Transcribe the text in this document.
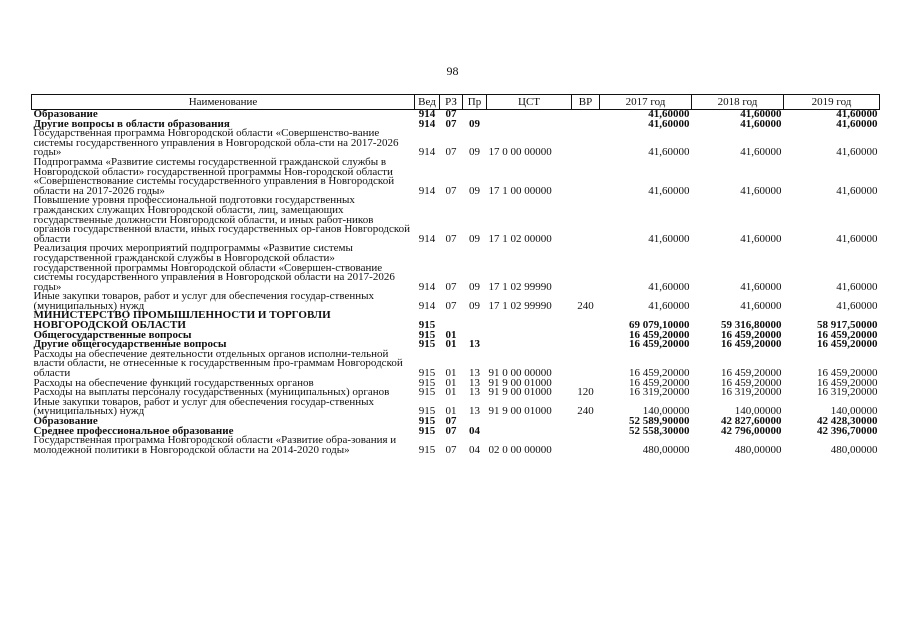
98
Наименование	Вед	РЗ	Пр	ЦСТ	ВР	2017 год	2018 год	2019 год
Образование	914	07				41,60000	41,60000	41,60000
Другие вопросы в области образования	914	07	09			41,60000	41,60000	41,60000
Государственная программа Новгородской области «Совершенство-вание системы государственного управления в Новгородской обла-сти на 2017-2026 годы»	914	07	09	17 0 00 00000		41,60000	41,60000	41,60000
Подпрограмма «Развитие системы государственной гражданской службы в Новгородской области» государственной программы Нов-городской области «Совершенствование системы государственного управления в Новгородской области на 2017-2026 годы»	914	07	09	17 1 00 00000		41,60000	41,60000	41,60000
Повышение уровня профессиональной подготовки государственных гражданских служащих Новгородской области, лиц, замещающих государственные должности Новгородской области, и иных работ-ников органов государственной власти, иных государственных ор-ганов Новгородской области	914	07	09	17 1 02 00000		41,60000	41,60000	41,60000
Реализация прочих мероприятий подпрограммы «Развитие системы государственной гражданской службы в Новгородской области» государственной программы Новгородской области «Совершен-ствование системы государственного управления в Новгородской области на 2017-2026 годы»	914	07	09	17 1 02 99990		41,60000	41,60000	41,60000
Иные закупки товаров, работ и услуг для обеспечения государ-ственных (муниципальных) нужд	914	07	09	17 1 02 99990	240	41,60000	41,60000	41,60000
МИНИСТЕРСТВО ПРОМЫШЛЕННОСТИ И ТОРГОВЛИ НОВГОРОДСКОЙ ОБЛАСТИ	915					69 079,10000	59 316,80000	58 917,50000
Общегосударственные вопросы	915	01				16 459,20000	16 459,20000	16 459,20000
Другие общегосударственные вопросы	915	01	13			16 459,20000	16 459,20000	16 459,20000
Расходы на обеспечение деятельности отдельных органов исполни-тельной власти области, не отнесенные к государственным про-граммам Новгородской области	915	01	13	91 0 00 00000		16 459,20000	16 459,20000	16 459,20000
Расходы на обеспечение функций государственных органов	915	01	13	91 9 00 01000		16 459,20000	16 459,20000	16 459,20000
Расходы на выплаты персоналу государственных (муниципальных) органов	915	01	13	91 9 00 01000	120	16 319,20000	16 319,20000	16 319,20000
Иные закупки товаров, работ и услуг для обеспечения государ-ственных (муниципальных) нужд	915	01	13	91 9 00 01000	240	140,00000	140,00000	140,00000
Образование	915	07				52 589,90000	42 827,60000	42 428,30000
Среднее профессиональное образование	915	07	04			52 558,30000	42 796,00000	42 396,70000
Государственная программа Новгородской области «Развитие обра-зования и молодежной политики в Новгородской области на 2014-2020 годы»	915	07	04	02 0 00 00000		480,00000	480,00000	480,00000
